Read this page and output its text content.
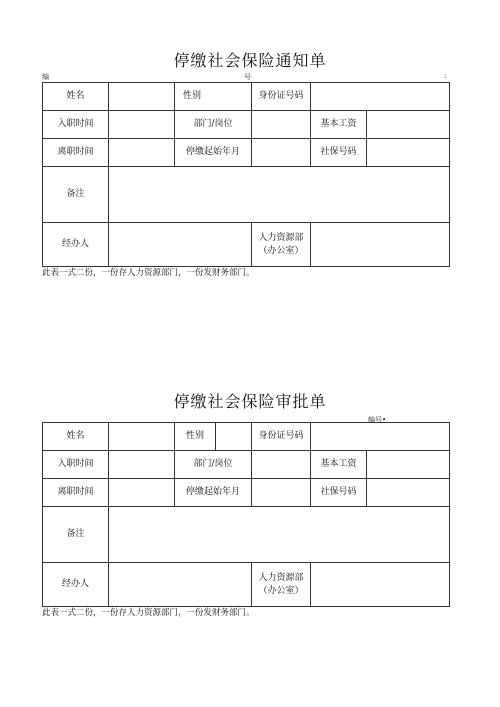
停缴社会保险通知单
编	号	:
姓名		性别	身份证号码		
入职时间		部门/岗位		基本工资	
离职时间		停缴起始年月		社保号码	
备注					
经办人			人力资源部
（办公室）		

此表一式二份，一份存人力资源部门，一份发财务部门。
停缴社会保险审批单
编号•
姓名		性别		身份证号码		
入职时间		部门/岗位			基本工资	
离职时间		停缴起始年月			社保号码	
备注						
经办人				人力资源部
（办公室）		

此表一式二份，一份存人力资源部门，一份发财务部门。
